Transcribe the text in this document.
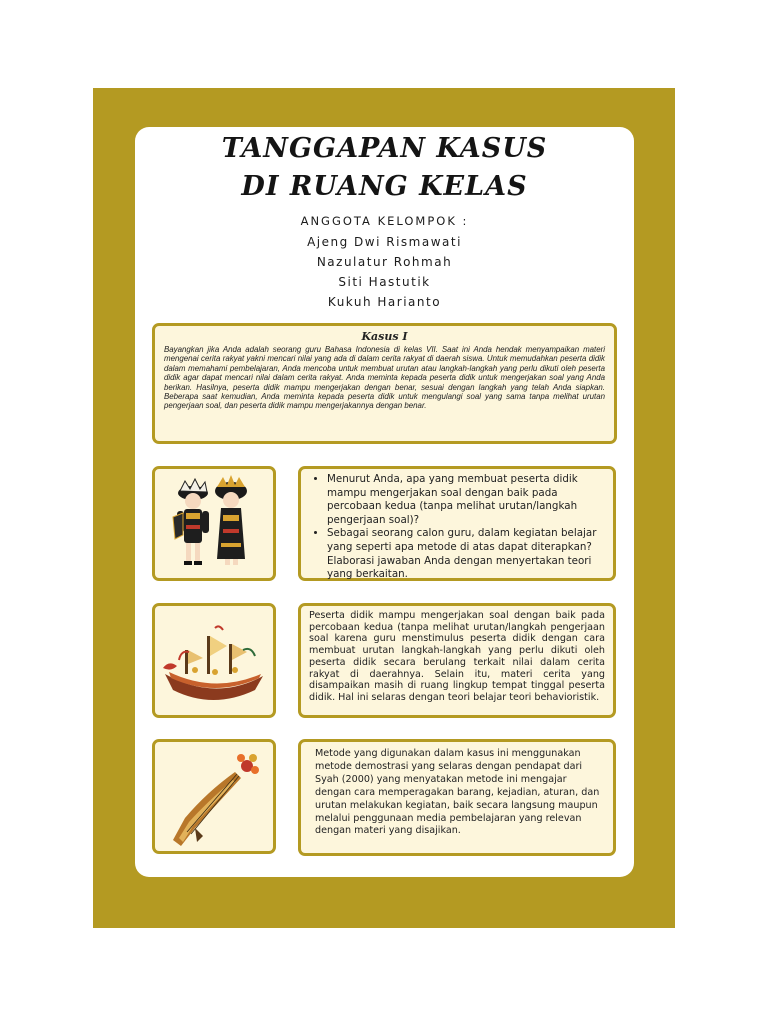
TANGGAPAN KASUS
DI RUANG KELAS
ANGGOTA KELOMPOK :
Ajeng Dwi Rismawati
Nazulatur Rohmah
Siti Hastutik
Kukuh Harianto
Kasus I
Bayangkan jika Anda adalah seorang guru Bahasa Indonesia di kelas VII. Saat ini Anda hendak menyampaikan materi mengenai cerita rakyat yakni mencari nilai yang ada di dalam cerita rakyat di daerah siswa. Untuk memudahkan peserta didik dalam memahami pembelajaran, Anda mencoba untuk membuat urutan atau langkah-langkah yang perlu dikuti oleh peserta didik agar dapat mencari nilai dalam cerita rakyat. Anda meminta kepada peserta didik untuk mengerjakan soal yang Anda berikan. Hasilnya, peserta didik mampu mengerjakan dengan benar, sesuai dengan langkah yang telah Anda siapkan. Beberapa saat kemudian, Anda meminta kepada peserta didik untuk mengulangi soal yang sama tanpa melihat urutan pengerjaan soal, dan peserta didik mampu mengerjakannya dengan benar.
• Menurut Anda, apa yang membuat peserta didik mampu mengerjakan soal dengan baik pada percobaan kedua (tanpa melihat urutan/langkah pengerjaan soal)?
• Sebagai seorang calon guru, dalam kegiatan belajar yang seperti apa metode di atas dapat diterapkan? Elaborasi jawaban Anda dengan menyertakan teori yang berkaitan.
Peserta didik mampu mengerjakan soal dengan baik pada percobaan kedua (tanpa melihat urutan/langkah pengerjaan soal karena guru menstimulus peserta didik dengan cara membuat urutan langkah-langkah yang perlu dikuti oleh peserta didik secara berulang terkait nilai dalam cerita rakyat di daerahnya. Selain itu, materi cerita yang disampaikan masih di ruang lingkup tempat tinggal peserta didik. Hal ini selaras dengan teori belajar teori behavioristik.
Metode yang digunakan dalam kasus ini menggunakan metode demostrasi yang selaras dengan pendapat dari Syah (2000) yang menyatakan metode ini mengajar dengan cara memperagakan barang, kejadian, aturan, dan urutan melakukan kegiatan, baik secara langsung maupun melalui penggunaan media pembelajaran yang relevan dengan materi yang disajikan.
